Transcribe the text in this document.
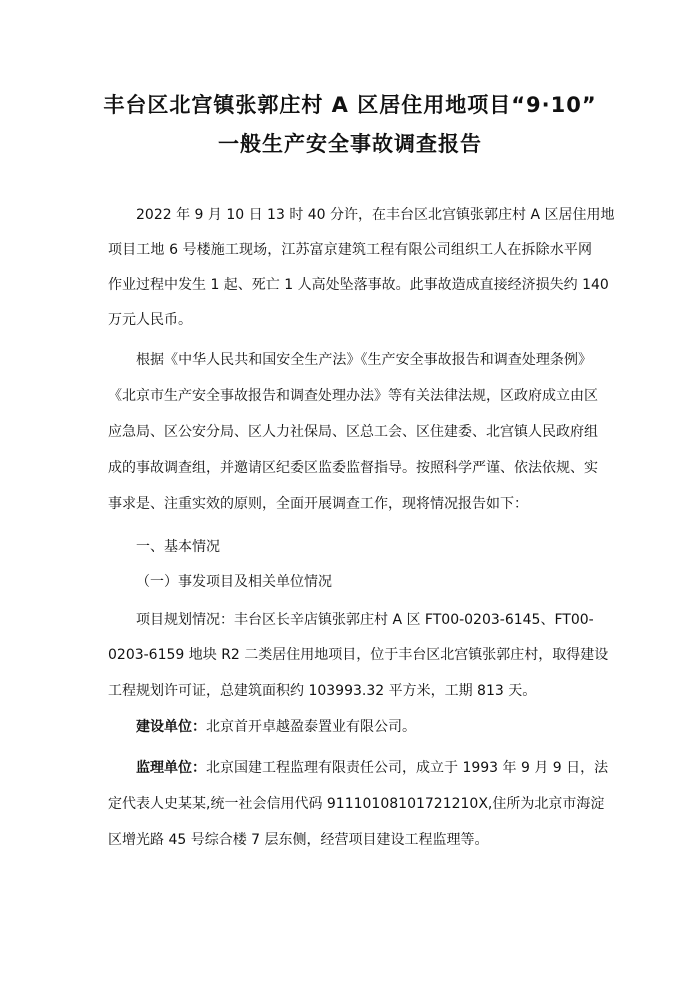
丰台区北宫镇张郭庄村 A 区居住用地项目“9·10”
一般生产安全事故调查报告

2022 年 9 月 10 日 13 时 40 分许，在丰台区北宫镇张郭庄村 A 区居住用地

项目工地 6 号楼施工现场，江苏富京建筑工程有限公司组织工人在拆除水平网

作业过程中发生 1 起、死亡 1 人高处坠落事故。此事故造成直接经济损失约 140

万元人民币。

根据《中华人民共和国安全生产法》《生产安全事故报告和调查处理条例》

《北京市生产安全事故报告和调查处理办法》等有关法律法规，区政府成立由区

应急局、区公安分局、区人力社保局、区总工会、区住建委、北宫镇人民政府组

成的事故调查组，并邀请区纪委区监委监督指导。按照科学严谨、依法依规、实

事求是、注重实效的原则，全面开展调查工作，现将情况报告如下：

一、基本情况

（一）事发项目及相关单位情况

项目规划情况：丰台区长辛店镇张郭庄村 A 区 FT00-0203-6145、FT00-

0203-6159 地块 R2 二类居住用地项目，位于丰台区北宫镇张郭庄村，取得建设

工程规划许可证，总建筑面积约 103993.32 平方米，工期 813 天。

建设单位：北京首开卓越盈泰置业有限公司。

监理单位：北京国建工程监理有限责任公司，成立于 1993 年 9 月 9 日，法

定代表人史某某,统一社会信用代码 91110108101721210X,住所为北京市海淀

区增光路 45 号综合楼 7 层东侧，经营项目建设工程监理等。
